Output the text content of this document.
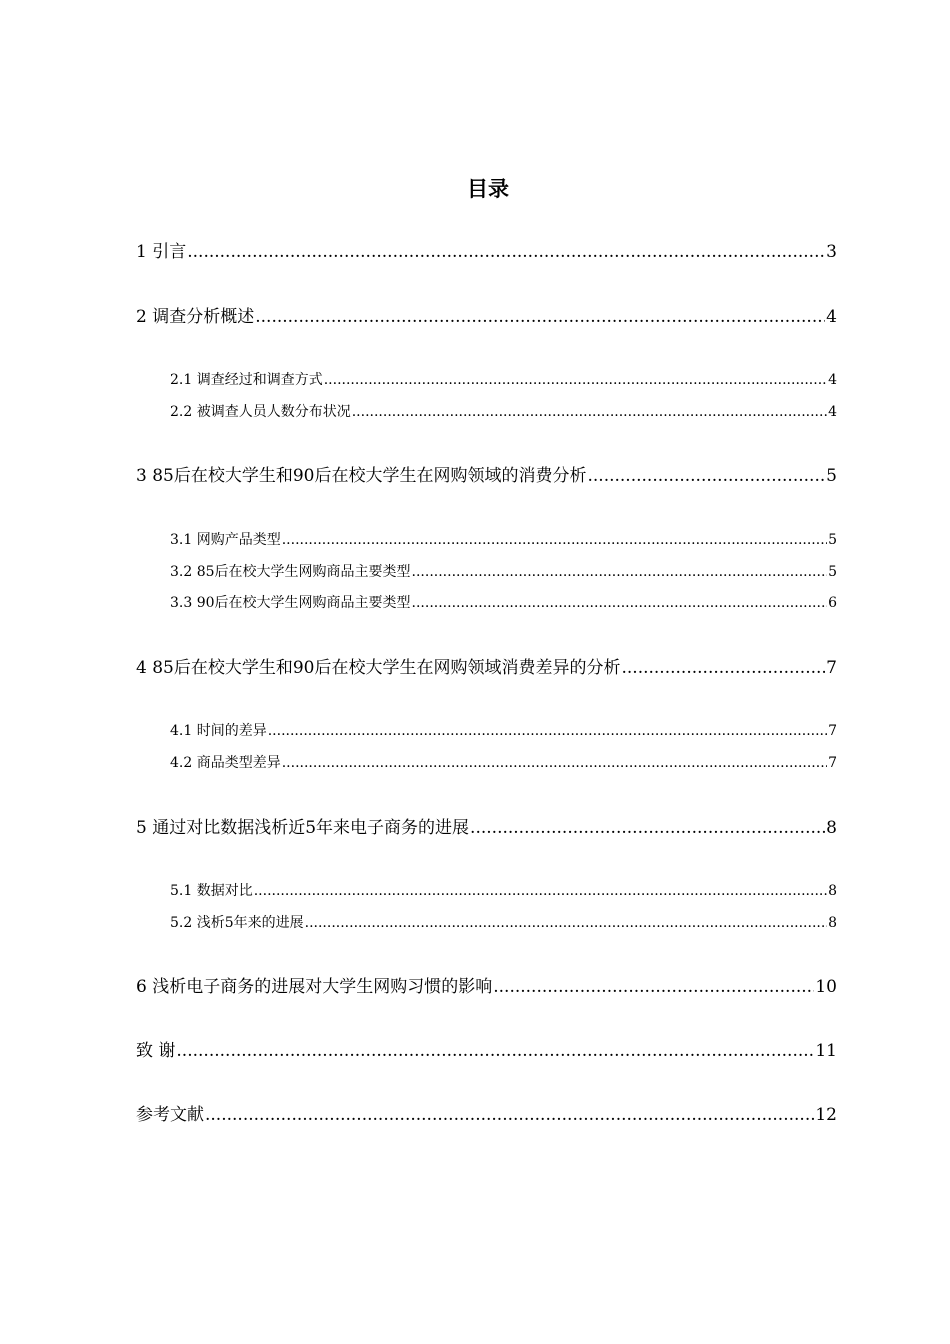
目录
1 引言 .....	3
2 调查分析概述 .....	4
2.1 调查经过和调查方式 .....	4
2.2 被调查人员人数分布状况 .....	4
3 85后在校大学生和90后在校大学生在网购领域的消费分析 .....	5
3.1 网购产品类型 .....	5
3.2 85后在校大学生网购商品主要类型 .....	5
3.3 90后在校大学生网购商品主要类型 .....	6
4 85后在校大学生和90后在校大学生在网购领域消费差异的分析 .....	7
4.1 时间的差异 .....	7
4.2 商品类型差异 .....	7
5 通过对比数据浅析近5年来电子商务的进展 .....	8
5.1 数据对比 .....	8
5.2 浅析5年来的进展 .....	8
6 浅析电子商务的进展对大学生网购习惯的影响 .....	10
致 谢 .....	11
参考文献 .....	12
